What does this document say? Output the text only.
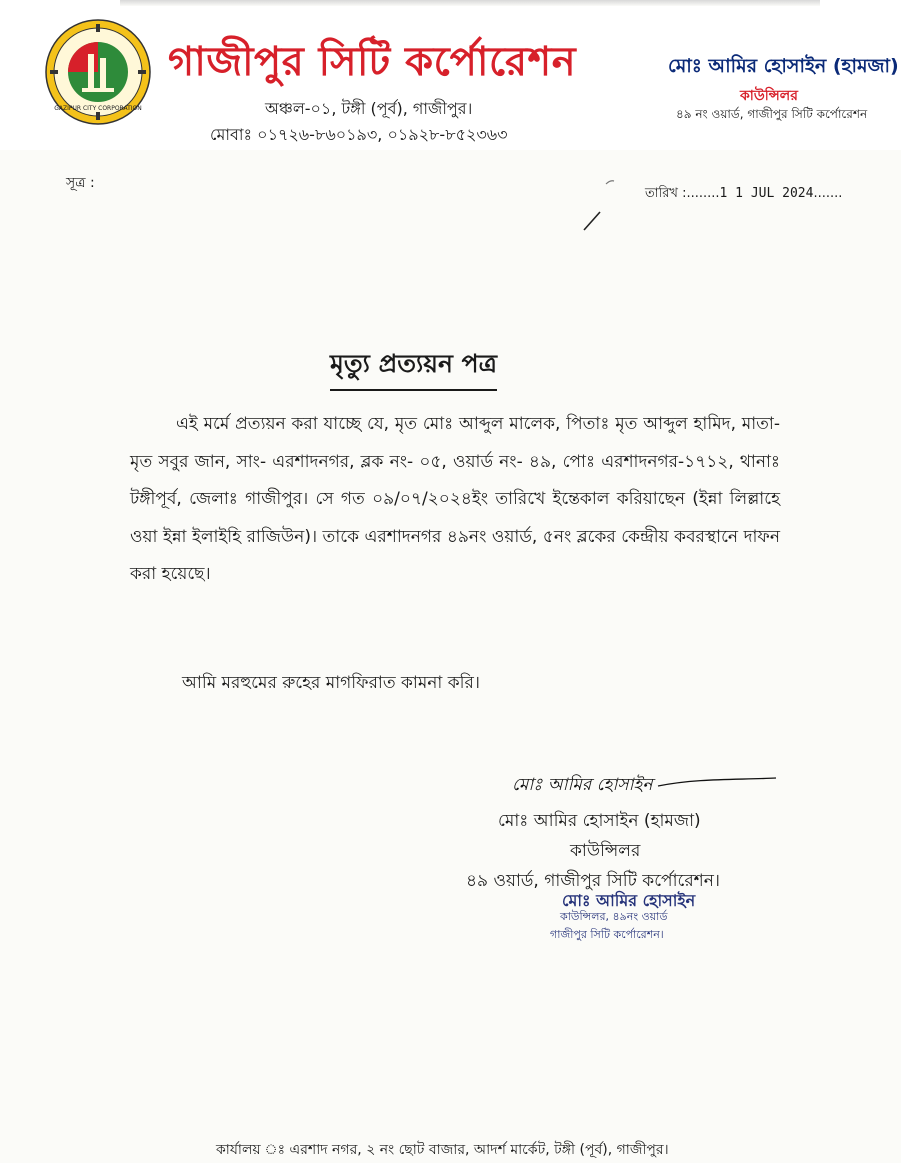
GAZIPUR CITY CORPORATION
গাজীপুর সিটি কর্পোরেশন
অঞ্চল-০১, টঙ্গী (পূর্ব), গাজীপুর।
মোবাঃ ০১৭২৬-৮৬০১৯৩, ০১৯২৮-৮৫২৩৬৩
মোঃ আমির হোসাইন (হামজা)
কাউন্সিলর
৪৯ নং ওয়ার্ড, গাজীপুর সিটি কর্পোরেশন
সূত্র :
তারিখ :........1 1 JUL 2024.......
মৃত্যু প্রত্যয়ন পত্র
এই মর্মে প্রত্যয়ন করা যাচ্ছে যে, মৃত মোঃ আব্দুল মালেক, পিতাঃ মৃত আব্দুল হামিদ, মাতা- মৃত সবুর জান, সাং- এরশাদনগর, ব্লক নং- ০৫, ওয়ার্ড নং- ৪৯, পোঃ এরশাদনগর-১৭১২, থানাঃ টঙ্গীপূর্ব, জেলাঃ গাজীপুর। সে গত ০৯/০৭/২০২৪ইং তারিখে ইন্তেকাল করিয়াছেন (ইন্না লিল্লাহে ওয়া ইন্না ইলাইহি রাজিউন)। তাকে এরশাদনগর ৪৯নং ওয়ার্ড, ৫নং ব্লকের কেন্দ্রীয় কবরস্থানে দাফন করা হয়েছে।
আমি মরহুমের রুহের মাগফিরাত কামনা করি।
মোঃ আমির হোসাইন
মোঃ আমির হোসাইন (হামজা)
কাউন্সিলর
৪৯ ওয়ার্ড, গাজীপুর সিটি কর্পোরেশন।
মোঃ আমির হোসাইন
কাউন্সিলর, ৪৯নং ওয়ার্ড
গাজীপুর সিটি কর্পোরেশন।
কার্যালয় ঃ এরশাদ নগর, ২ নং ছোট বাজার, আদর্শ মার্কেট, টঙ্গী (পূর্ব), গাজীপুর।
